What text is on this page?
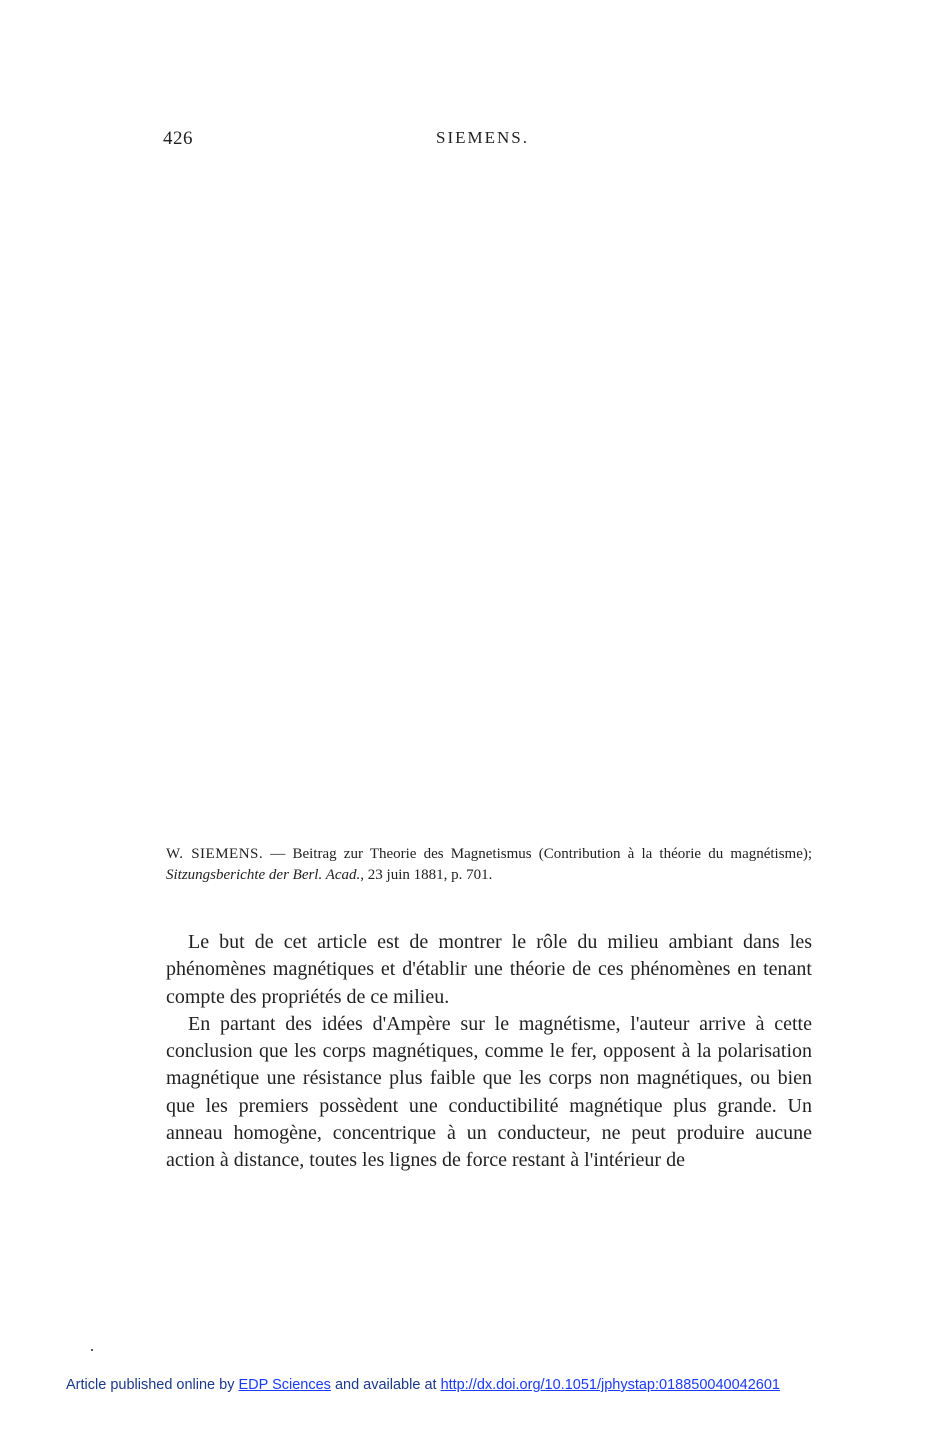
426	SIEMENS.
W. SIEMENS. — Beitrag zur Theorie des Magnetismus (Contribution à la théorie du magnétisme); Sitzungsberichte der Berl. Acad., 23 juin 1881, p. 701.

Le but de cet article est de montrer le rôle du milieu ambiant dans les phénomènes magnétiques et d'établir une théorie de ces phénomènes en tenant compte des propriétés de ce milieu.

En partant des idées d'Ampère sur le magnétisme, l'auteur arrive à cette conclusion que les corps magnétiques, comme le fer, opposent à la polarisation magnétique une résistance plus faible que les corps non magnétiques, ou bien que les premiers possèdent une conductibilité magnétique plus grande. Un anneau homogène, concentrique à un conducteur, ne peut produire aucune action à distance, toutes les lignes de force restant à l'intérieur de

Article published online by EDP Sciences and available at http://dx.doi.org/10.1051/jphystap:018850040042601
